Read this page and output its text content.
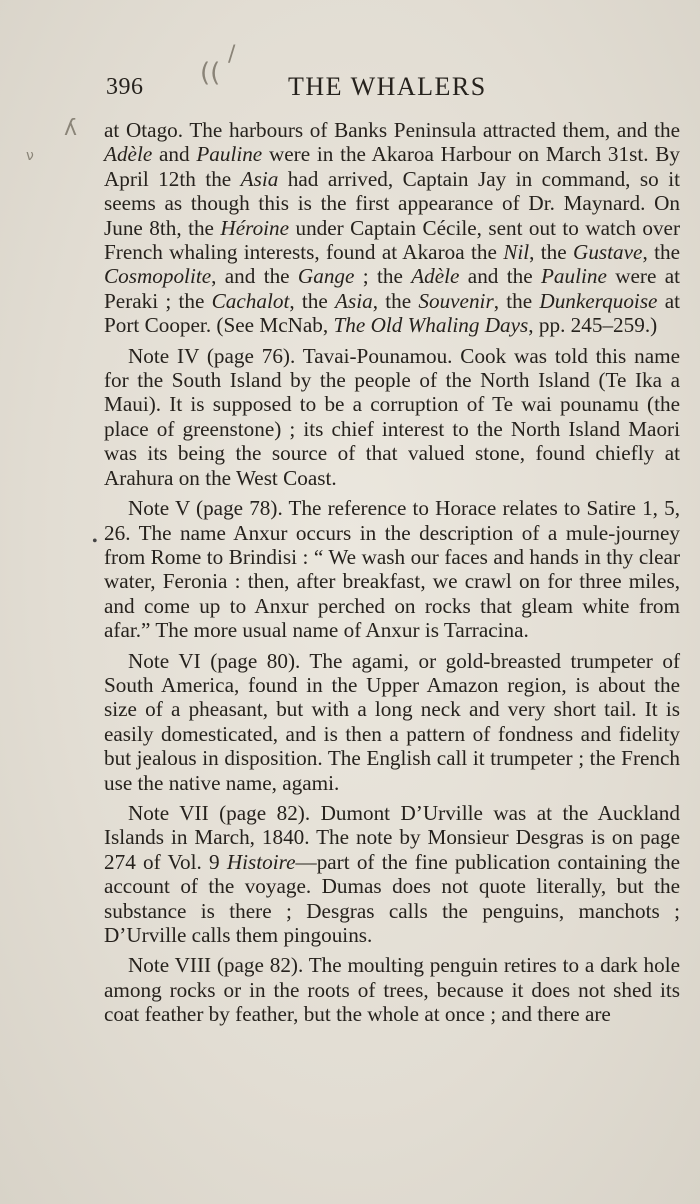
ʎ
ν
((
/
396	THE WHALERS
•

at Otago. The harbours of Banks Peninsula attracted them, and the Adèle and Pauline were in the Akaroa Harbour on March 31st. By April 12th the Asia had arrived, Captain Jay in command, so it seems as though this is the first appearance of Dr. Maynard. On June 8th, the Héroine under Captain Cécile, sent out to watch over French whaling interests, found at Akaroa the Nil, the Gustave, the Cosmopolite, and the Gange ; the Adèle and the Pauline were at Peraki ; the Cachalot, the Asia, the Souvenir, the Dunkerquoise at Port Cooper. (See McNab, The Old Whaling Days, pp. 245–259.)

Note IV (page 76). Tavai-Pounamou. Cook was told this name for the South Island by the people of the North Island (Te Ika a Maui). It is supposed to be a corruption of Te wai pounamu (the place of greenstone) ; its chief interest to the North Island Maori was its being the source of that valued stone, found chiefly at Arahura on the West Coast.

Note V (page 78). The reference to Horace relates to Satire 1, 5, 26. The name Anxur occurs in the description of a mule-journey from Rome to Brindisi : “ We wash our faces and hands in thy clear water, Feronia : then, after breakfast, we crawl on for three miles, and come up to Anxur perched on rocks that gleam white from afar.” The more usual name of Anxur is Tarracina.

Note VI (page 80). The agami, or gold-breasted trumpeter of South America, found in the Upper Amazon region, is about the size of a pheasant, but with a long neck and very short tail. It is easily domesticated, and is then a pattern of fondness and fidelity but jealous in disposition. The English call it trumpeter ; the French use the native name, agami.

Note VII (page 82). Dumont D’Urville was at the Auckland Islands in March, 1840. The note by Monsieur Desgras is on page 274 of Vol. 9 Histoire—part of the fine publication containing the account of the voyage. Dumas does not quote literally, but the substance is there ; Desgras calls the penguins, manchots ; D’Urville calls them pingouins.

Note VIII (page 82). The moulting penguin retires to a dark hole among rocks or in the roots of trees, because it does not shed its coat feather by feather, but the whole at once ; and there are
